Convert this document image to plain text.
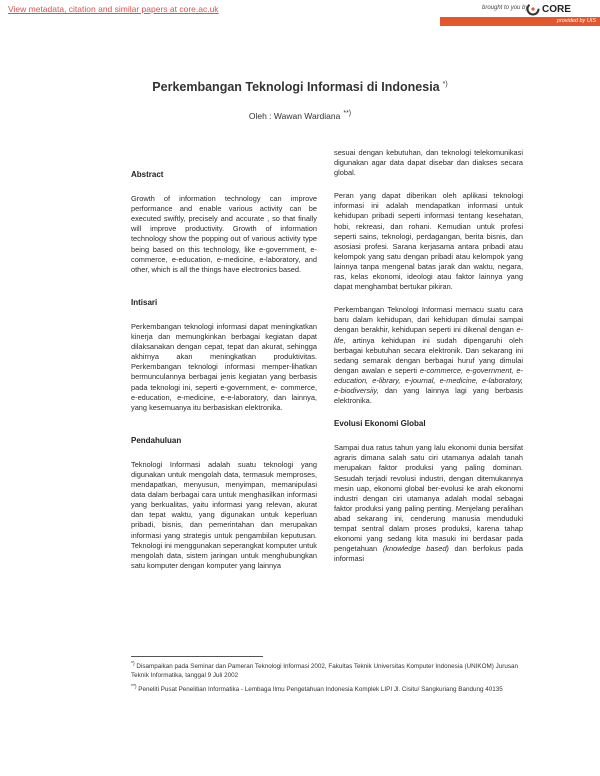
View metadata, citation and similar papers at core.ac.uk	brought to you by CORE
provided by UIS
Perkembangan Teknologi Informasi di Indonesia *)
Oleh : Wawan Wardiana **)
Abstract

Growth of information technology can improve performance and enable various activity can be executed swiftly, precisely and accurate , so that finally will improve productivity. Growth of information technology show the popping out of various activity type being based on this technology, like e-government, e-commerce, e-education, e-medicine, e-laboratory, and other, which is all the things have electronics based.

Intisari

Perkembangan teknologi informasi dapat meningkatkan kinerja dan memungkinkan berbagai kegiatan dapat dilaksanakan dengan cepat, tepat dan akurat, sehingga akhirnya akan meningkatkan produktivitas. Perkembangan teknologi informasi memper-lihatkan bermunculannya berbagai jenis kegiatan yang berbasis pada teknologi ini, seperti e-government, e- commerce, e-education, e-medicine, e-e-laboratory, dan lainnya, yang kesemuanya itu berbasiskan elektronika.

Pendahuluan

Teknologi Informasi adalah suatu teknologi yang digunakan untuk mengolah data, termasuk memproses, mendapatkan, menyusun, menyimpan, memanipulasi data dalam berbagai cara untuk menghasilkan informasi yang berkualitas, yaitu informasi yang relevan, akurat dan tepat waktu, yang digunakan untuk keperluan pribadi, bisnis, dan pemerintahan dan merupakan informasi yang strategis untuk pengambilan keputusan. Teknologi ini menggunakan seperangkat komputer untuk mengolah data, sistem jaringan untuk menghubungkan satu komputer dengan komputer yang lainnya

sesuai dengan kebutuhan, dan teknologi telekomunikasi digunakan agar data dapat disebar dan diakses secara global.

Peran yang dapat diberikan oleh aplikasi teknologi informasi ini adalah mendapatkan informasi untuk kehidupan pribadi seperti informasi tentang kesehatan, hobi, rekreasi, dan rohani. Kemudian untuk profesi seperti sains, teknologi, perdagangan, berita bisnis, dan asosiasi profesi. Sarana kerjasama antara pribadi atau kelompok yang satu dengan pribadi atau kelompok yang lainnya tanpa mengenal batas jarak dan waktu, negara, ras, kelas ekonomi, ideologi atau faktor lainnya yang dapat menghambat bertukar pikiran.

Perkembangan Teknologi Informasi memacu suatu cara baru dalam kehidupan, dari kehidupan dimulai sampai dengan berakhir, kehidupan seperti ini dikenal dengan e-life, artinya kehidupan ini sudah dipengaruhi oleh berbagai kebutuhan secara elektronik. Dan sekarang ini sedang semarak dengan berbagai huruf yang dimulai dengan awalan e seperti e-commerce, e-government, e-education, e-library, e-journal, e-medicine, e-laboratory, e-biodiversiiy, dan yang lainnya lagi yang berbasis elektronika.

Evolusi Ekonomi Global

Sampai dua ratus tahun yang lalu ekonomi dunia bersifat agraris dimana salah satu ciri utamanya adalah tanah merupakan faktor produksi yang paling dominan. Sesudah terjadi revolusi industri, dengan ditemukannya mesin uap, ekonomi global ber-evolusi ke arah ekonomi industri dengan ciri utamanya adalah modal sebagai faktor produksi yang paling penting. Menjelang peralihan abad sekarang ini, cenderung manusia menduduki tempat sentral dalam proses produksi, karena tahap ekonomi yang sedang kita masuki ini berdasar pada pengetahuan (knowledge based) dan berfokus pada informasi

*) Disampaikan pada Seminar dan Pameran Teknologi Informasi 2002, Fakultas Teknik Universitas Komputer Indonesia (UNIKOM) Jurusan Teknik Informatika, tanggal 9 Juli 2002

**) Peneliti Pusat Penelitian Informatika - Lembaga Ilmu Pengetahuan Indonesia Komplek LIPI Jl. Cisitu/ Sangkuriang Bandung 40135
